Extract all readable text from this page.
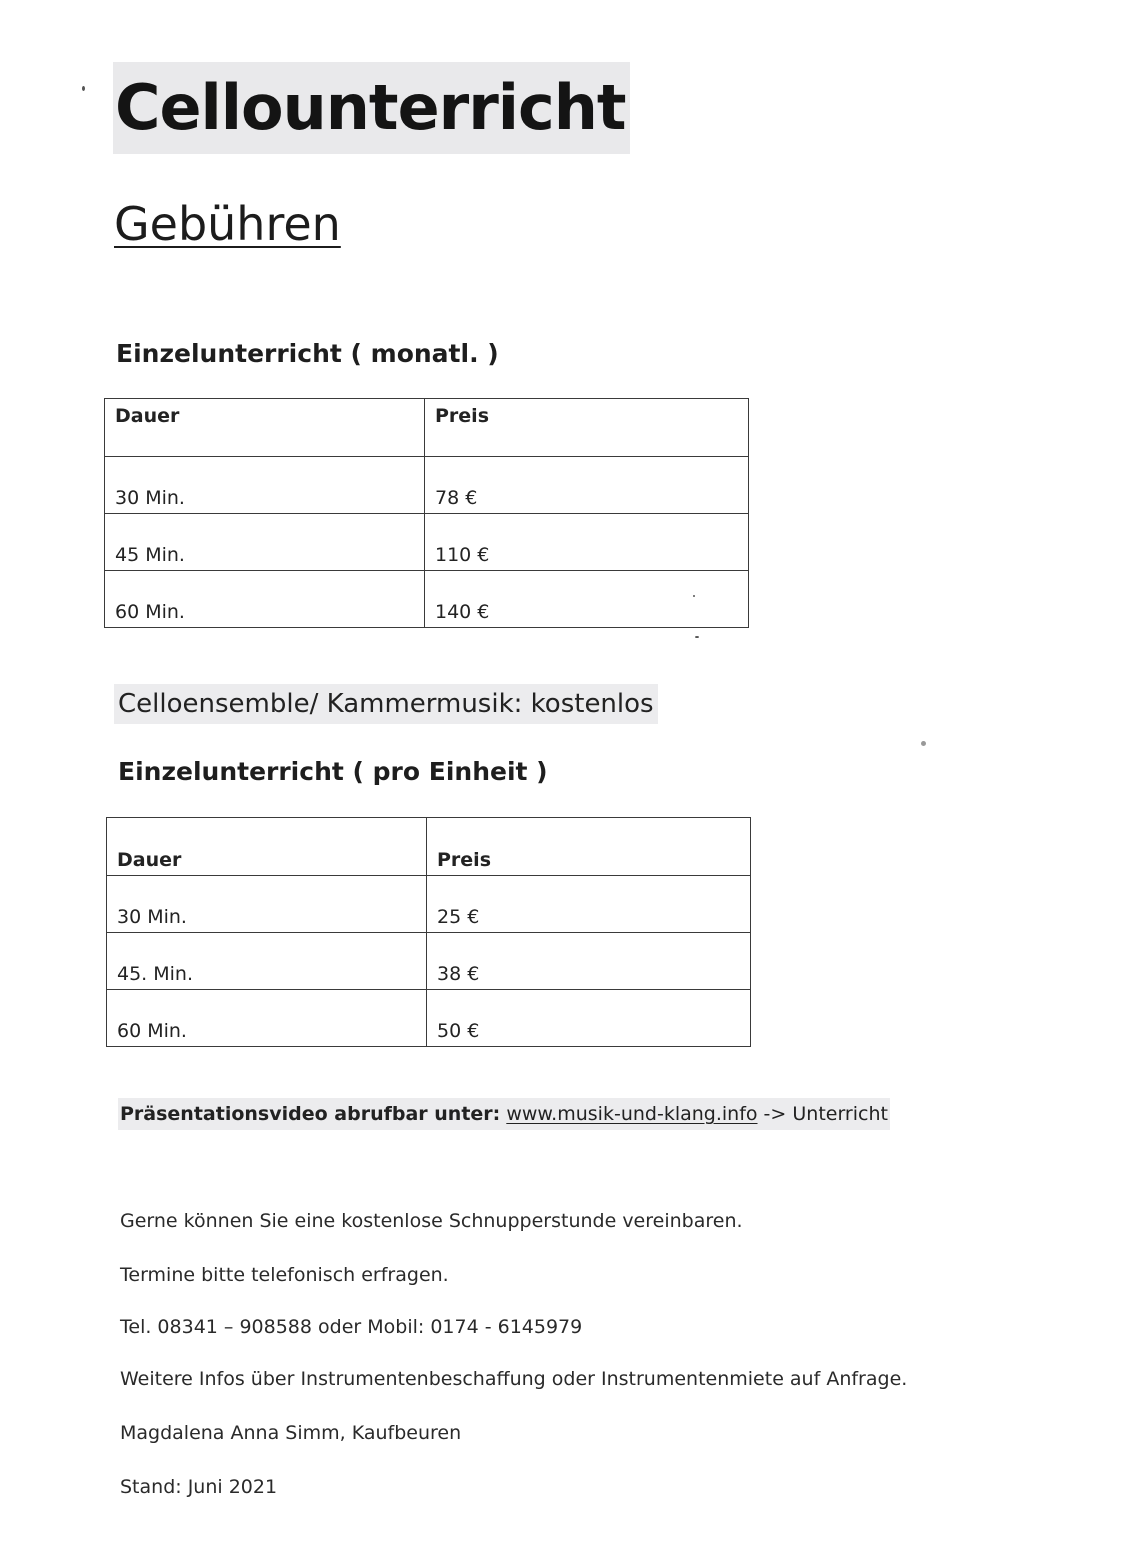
Cellounterricht
Gebühren
Einzelunterricht ( monatl. )
Dauer	Preis
30 Min.	78 €
45 Min.	110 €
60 Min.	140 €
Celloensemble/ Kammermusik: kostenlos
Einzelunterricht ( pro Einheit )
Dauer	Preis
30 Min.	25 €
45. Min.	38 €
60 Min.	50 €
Präsentationsvideo abrufbar unter: www.musik-und-klang.info -> Unterricht
Gerne können Sie eine kostenlose Schnupperstunde vereinbaren.
Termine bitte telefonisch erfragen.
Tel. 08341 – 908588 oder Mobil: 0174 - 6145979
Weitere Infos über Instrumentenbeschaffung oder Instrumentenmiete auf Anfrage.
Magdalena Anna Simm, Kaufbeuren
Stand: Juni 2021
